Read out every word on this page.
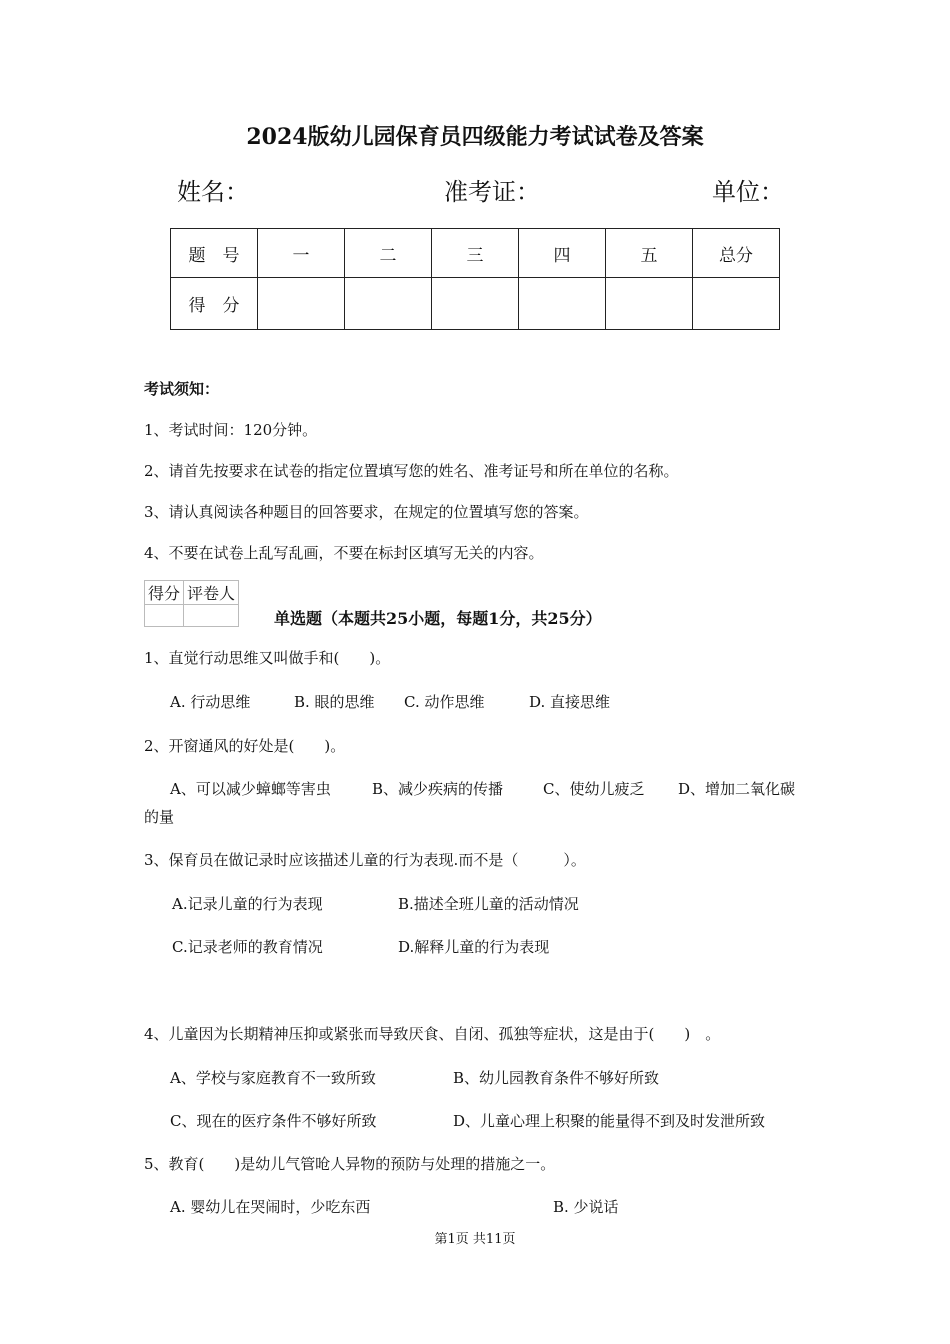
2024版幼儿园保育员四级能力考试试卷及答案
姓名：	准考证：	单位：
题　号	一	二	三	四	五	总分
得　分						
考试须知：
1、考试时间：120分钟。
2、请首先按要求在试卷的指定位置填写您的姓名、准考证号和所在单位的名称。
3、请认真阅读各种题目的回答要求，在规定的位置填写您的答案。
4、不要在试卷上乱写乱画，不要在标封区填写无关的内容。
得分	评卷人

单选题（本题共25小题，每题1分，共25分）
1、直觉行动思维又叫做手和(　　)。
A. 行动思维	B. 眼的思维 C. 动作思维	D. 直接思维
2、开窗通风的好处是(　　)。
A、可以减少蟑螂等害虫	B、减少疾病的传播	C、使幼儿疲乏 D、增加二氧化碳
的量
3、保育员在做记录时应该描述儿童的行为表现.而不是（　　　）。
A.记录儿童的行为表现	B.描述全班儿童的活动情况
C.记录老师的教育情况	D.解释儿童的行为表现
4、儿童因为长期精神压抑或紧张而导致厌食、自闭、孤独等症状，这是由于(　　)　。
A、学校与家庭教育不一致所致	B、幼儿园教育条件不够好所致
C、现在的医疗条件不够好所致	D、儿童心理上积聚的能量得不到及时发泄所致
5、教育(　　)是幼儿气管呛人异物的预防与处理的措施之一。
A. 婴幼儿在哭闹时，少吃东西	B. 少说话
第1页 共11页
